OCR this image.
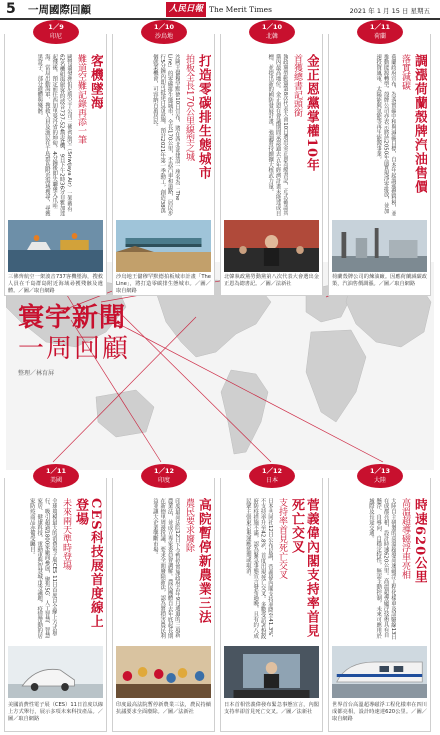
5	一周國際回顧	人民日報 The Merit Times	2021 年 1 月 15 日 星期五
寰宇新聞
一周回顧
整理／林育屏
1／9
印尼
客機墜海
難道空難記錄再添一筆
國營盛發洲伯尼航空于公司三佛齊航空（Sriwijaya Air）一架載有62名機組與旅客的波音737-524型客機，9日下午2時36分自雅加達起飛後，預定前往西加里曼丹省的坤甸，4分鐘後即失聯墜入爪哇海。當局出動海軍、搜救人員及漁民在千島群島附近海域搜尋，尋獲黑盒子、部分遺體與殘骸。
三佛齊航空一架波音737客機墜海，搜救人員在千島群島附近海域尋獲殘骸及遺體。／圖／取自網路
1／10
沙烏地
打造零碳排生態城市
拍板全長170公里線型之城
沙國王儲穆罕默德10日宣布，將在西北部建設一座名為「The Line」的零碳排生態城市，全長170公里，不設汽車和道路，居民步行5分鐘內即可抵達日常設施，預計2021年第一季動工，創造38萬個就業機會，可容納百萬居民。
沙烏地王儲穆罕默德拍板城市計畫「The Line」，將打造零碳排生態城市。／圖／取自網路
1／10
北韓
金正恩黨掌權10年
首獲總書記頭銜
執政黨勞動黨第8次代表大會10日選出金正恩為總書記，正式確認其黨內最高地位。金正恩在會議期間承認過去五年經濟計畫未能達成目標，並提出新的國防發展計畫，強調將持續擴大核武力量。
北韓執政黨勞動黨第八次代表大會選出金正恩為總書記。／圖／法新社
1／11
荷蘭
調漲荷蘭殼牌汽油售價
落實減碳
荷蘭政府宣布，為落實碳中和與減碳目標，自本年起調漲燃料稅，並推動能源轉型。殼牌公司亦表示將於2050年前實現淨零排放，並加速投資風電、太陽能與氫能等再生能源事業。
荷蘭殼牌公司的煉油廠。因應荷蘭減碳政策，汽油售價調漲。／圖／取自網路
1／11
美國
CES科技展首度線上登場
未來兩天準時登場
全球規模最大的消費電子展CES 11日首度以全線上方式舉行，吸引超過1800家廠商參展，聚焦5G、人工智慧、智慧家居、健康科技、電動車與智慧城市等議題，疫情帶動的居家防疫商品亦備受矚目。
美國消費性電子展（CES）11日首度以線上方式舉行，展示多項未來科技產品。／圖／取自網路
1／12
印度
高院暫停新農業三法
農民要求廢除
印度最高法院12日下令暫停實施政府去年9月通過的三項新農業法，並成立專家委員會調解。農民團體自去年底起長期在新德里周邊抗議，要求全面廢除新法，認為將損害農民利益並讓大企業壟斷市場。
印度最高法院暫停新農業三法，農民持續抗議要求全面廢除。／圖／法新社
1／12
日本
菅義偉內閣支持率首見死亡交叉
支持率首見死亡交叉
日本共同社12日公布民調，菅義偉內閣支持率降至41.3%，不支持率升至42.8%，首度出現死亡交叉。多數受訪者對政府防疫措施不滿，認為緊急事態宣言發布過晚，且有約八成民眾主張東京奧運應延期或取消。
日本首相菅義偉發布緊急事態宣言，內閣支持率卻首見死亡交叉。／圖／法新社
1／13
大陸
時速620公里
高溫超導磁浮車亮相
大陸自主研製的高溫超導高速磁浮工程化樣車及試驗線13日在成都亮相，設計時速620公里。高溫超導磁浮技術具有自懸浮、自導向、自穩定特性，無需主動控制，未來可應用於城際及長途交通。
世界首台高溫超導磁浮工程化樣車在四川成都亮相，設計時速達620公里。／圖／取自網路
